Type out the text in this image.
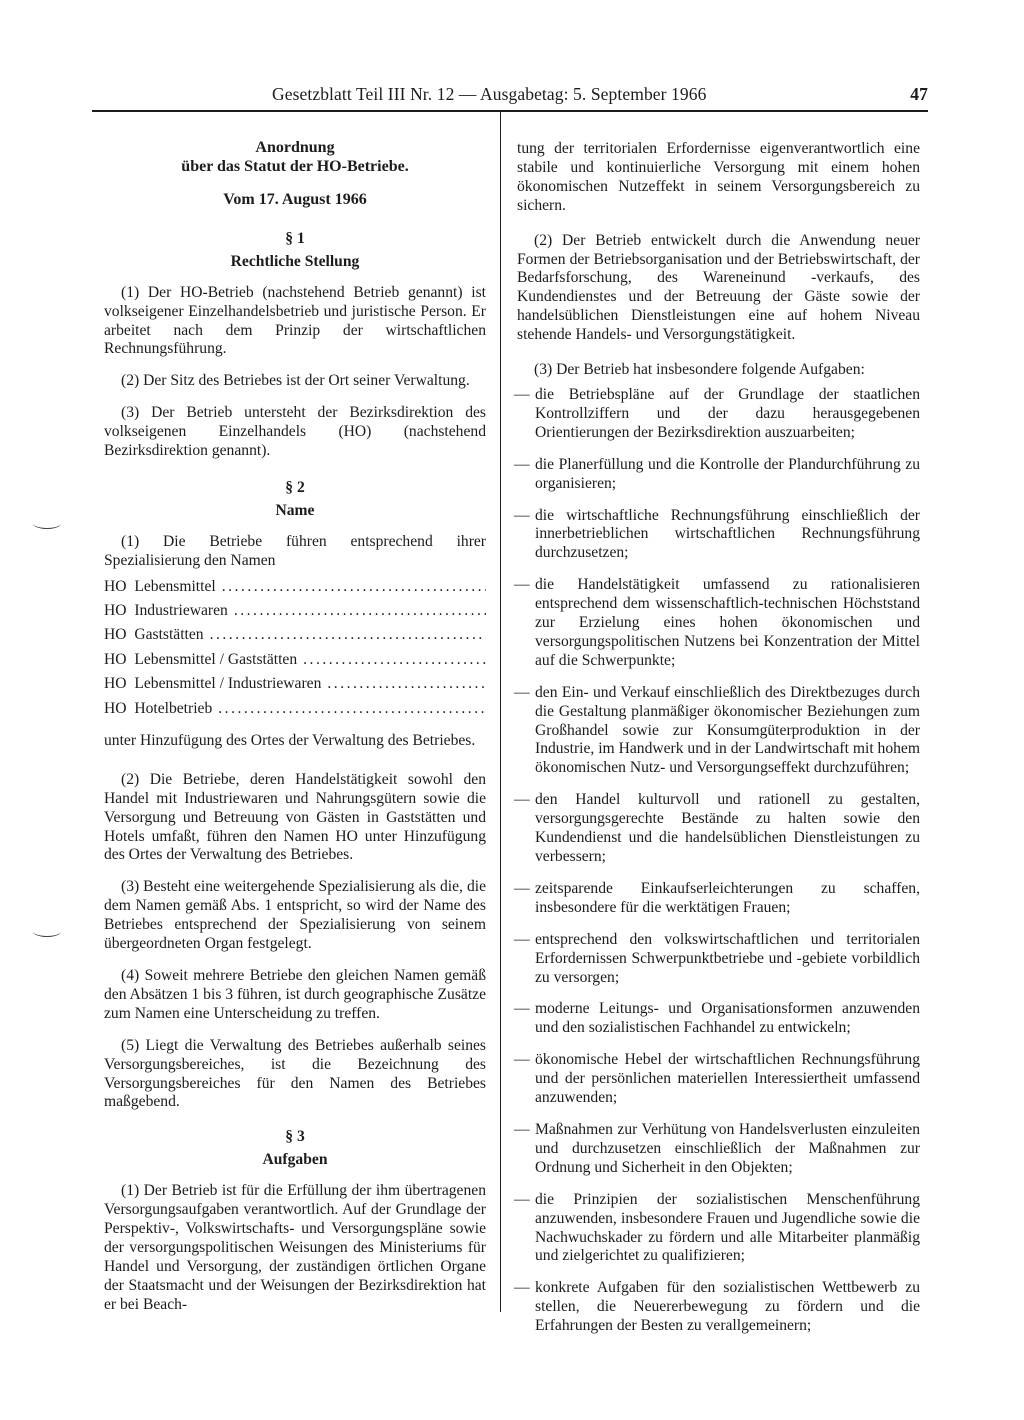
Gesetzblatt Teil III Nr. 12 — Ausgabetag: 5. September 1966	47
Anordnung
über das Statut der HO-Betriebe.
Vom 17. August 1966
§ 1
Rechtliche Stellung

(1) Der HO-Betrieb (nachstehend Betrieb genannt) ist volkseigener Einzelhandelsbetrieb und juristische Person. Er arbeitet nach dem Prinzip der wirtschaftlichen Rechnungsführung.

(2) Der Sitz des Betriebes ist der Ort seiner Verwaltung.

(3) Der Betrieb untersteht der Bezirksdirektion des volkseigenen Einzelhandels (HO) (nachstehend Bezirksdirektion genannt).

§ 2
Name

(1) Die Betriebe führen entsprechend ihrer Spezialisierung den Namen

HO  Lebensmittel
.....
HO  Industriewaren
.....
HO  Gaststätten
.....
HO  Lebensmittel / Gaststätten
.....
HO  Lebensmittel / Industriewaren
.....
HO  Hotelbetrieb
.....

unter Hinzufügung des Ortes der Verwaltung des Betriebes.

(2) Die Betriebe, deren Handelstätigkeit sowohl den Handel mit Industriewaren und Nahrungsgütern sowie die Versorgung und Betreuung von Gästen in Gaststätten und Hotels umfaßt, führen den Namen HO unter Hinzufügung des Ortes der Verwaltung des Betriebes.

(3) Besteht eine weitergehende Spezialisierung als die, die dem Namen gemäß Abs. 1 entspricht, so wird der Name des Betriebes entsprechend der Spezialisierung von seinem übergeordneten Organ festgelegt.

(4) Soweit mehrere Betriebe den gleichen Namen gemäß den Absätzen 1 bis 3 führen, ist durch geographische Zusätze zum Namen eine Unterscheidung zu treffen.

(5) Liegt die Verwaltung des Betriebes außerhalb seines Versorgungsbereiches, ist die Bezeichnung des Versorgungsbereiches für den Namen des Betriebes maßgebend.

§ 3
Aufgaben

(1) Der Betrieb ist für die Erfüllung der ihm übertragenen Versorgungsaufgaben verantwortlich. Auf der Grundlage der Perspektiv-, Volkswirtschafts- und Versorgungspläne sowie der versorgungspolitischen Weisungen des Ministeriums für Handel und Versorgung, der zuständigen örtlichen Organe der Staatsmacht und der Weisungen der Bezirksdirektion hat er bei Beach-

tung der territorialen Erfordernisse eigenverantwortlich eine stabile und kontinuierliche Versorgung mit einem hohen ökonomischen Nutzeffekt in seinem Versorgungsbereich zu sichern.

(2) Der Betrieb entwickelt durch die Anwendung neuer Formen der Betriebsorganisation und der Betriebswirtschaft, der Bedarfsforschung, des Wareneinund -verkaufs, des Kundendienstes und der Betreuung der Gäste sowie der handelsüblichen Dienstleistungen eine auf hohem Niveau stehende Handels- und Versorgungstätigkeit.

(3) Der Betrieb hat insbesondere folgende Aufgaben:

— die Betriebspläne auf der Grundlage der staatlichen Kontrollziffern und der dazu herausgegebenen Orientierungen der Bezirksdirektion auszuarbeiten;
— die Planerfüllung und die Kontrolle der Plandurchführung zu organisieren;
— die wirtschaftliche Rechnungsführung einschließlich der innerbetrieblichen wirtschaftlichen Rechnungsführung durchzusetzen;
— die Handelstätigkeit umfassend zu rationalisieren entsprechend dem wissenschaftlich-technischen Höchststand zur Erzielung eines hohen ökonomischen und versorgungspolitischen Nutzens bei Konzentration der Mittel auf die Schwerpunkte;
— den Ein- und Verkauf einschließlich des Direktbezuges durch die Gestaltung planmäßiger ökonomischer Beziehungen zum Großhandel sowie zur Konsumgüterproduktion in der Industrie, im Handwerk und in der Landwirtschaft mit hohem ökonomischen Nutz- und Versorgungseffekt durchzuführen;
— den Handel kulturvoll und rationell zu gestalten, versorgungsgerechte Bestände zu halten sowie den Kundendienst und die handelsüblichen Dienstleistungen zu verbessern;
— zeitsparende Einkaufserleichterungen zu schaffen, insbesondere für die werktätigen Frauen;
— entsprechend den volkswirtschaftlichen und territorialen Erfordernissen Schwerpunktbetriebe und -gebiete vorbildlich zu versorgen;
— moderne Leitungs- und Organisationsformen anzuwenden und den sozialistischen Fachhandel zu entwickeln;
— ökonomische Hebel der wirtschaftlichen Rechnungsführung und der persönlichen materiellen Interessiertheit umfassend anzuwenden;
— Maßnahmen zur Verhütung von Handelsverlusten einzuleiten und durchzusetzen einschließlich der Maßnahmen zur Ordnung und Sicherheit in den Objekten;
— die Prinzipien der sozialistischen Menschenführung anzuwenden, insbesondere Frauen und Jugendliche sowie die Nachwuchskader zu fördern und alle Mitarbeiter planmäßig und zielgerichtet zu qualifizieren;
— konkrete Aufgaben für den sozialistischen Wettbewerb zu stellen, die Neuererbewegung zu fördern und die Erfahrungen der Besten zu verallgemeinern;
